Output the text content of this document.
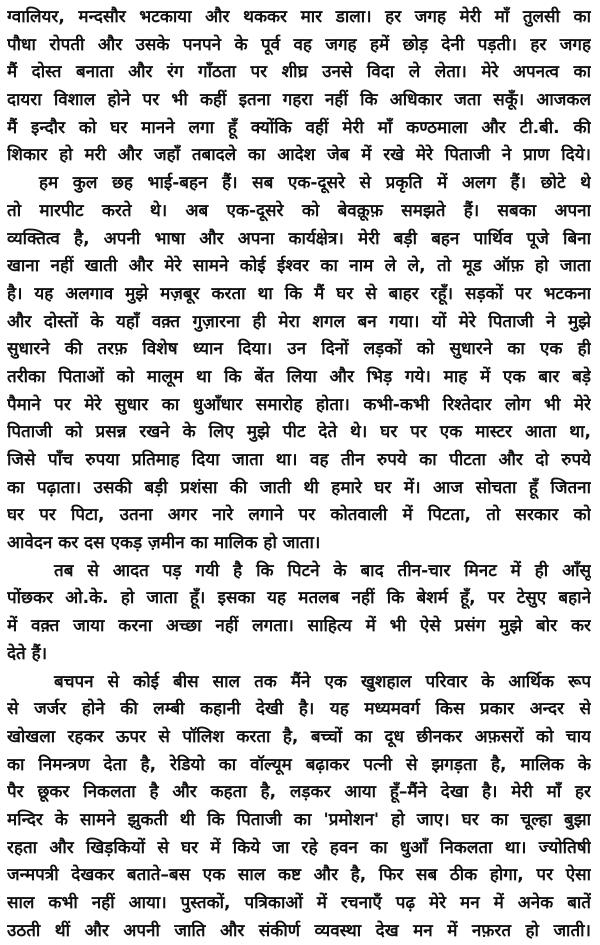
ग्वालियर, मन्दसौर भटकाया और थककर मार डाला। हर जगह मेरी माँ तुलसी का
पौधा रोपती और उसके पनपने के पूर्व वह जगह हमें छोड़ देनी पड़ती। हर जगह
मैं दोस्त बनाता और रंग गाँठता पर शीघ्र उनसे विदा ले लेता। मेरे अपनत्व का
दायरा विशाल होने पर भी कहीं इतना गहरा नहीं कि अधिकार जता सकूँ। आजकल
मैं इन्दौर को घर मानने लगा हूँ क्योंकि वहीं मेरी माँ कण्ठमाला और टी.बी. की
शिकार हो मरी और जहाँ तबादले का आदेश जेब में रखे मेरे पिताजी ने प्राण दिये।
हम कुल छह भाई-बहन हैं। सब एक-दूसरे से प्रकृति में अलग हैं। छोटे थे
तो मारपीट करते थे। अब एक-दूसरे को बेवक़ूफ़ समझते हैं। सबका अपना
व्यक्तित्व है, अपनी भाषा और अपना कार्यक्षेत्र। मेरी बड़ी बहन पार्थिव पूजे बिना
खाना नहीं खाती और मेरे सामने कोई ईश्वर का नाम ले ले, तो मूड ऑफ़ हो जाता
है। यह अलगाव मुझे मज़बूर करता था कि मैं घर से बाहर रहूँ। सड़कों पर भटकना
और दोस्तों के यहाँ वक़्त गुज़ारना ही मेरा शगल बन गया। यों मेरे पिताजी ने मुझे
सुधारने की तरफ़ विशेष ध्यान दिया। उन दिनों लड़कों को सुधारने का एक ही
तरीका पिताओं को मालूम था कि बेंत लिया और भिड़ गये। माह में एक बार बड़े
पैमाने पर मेरे सुधार का धुआँधार समारोह होता। कभी-कभी रिश्तेदार लोग भी मेरे
पिताजी को प्रसन्न रखने के लिए मुझे पीट देते थे। घर पर एक मास्टर आता था,
जिसे पाँच रुपया प्रतिमाह दिया जाता था। वह तीन रुपये का पीटता और दो रुपये
का पढ़ाता। उसकी बड़ी प्रशंसा की जाती थी हमारे घर में। आज सोचता हूँ जितना
घर पर पिटा, उतना अगर नारे लगाने पर कोतवाली में पिटता, तो सरकार को
आवेदन कर दस एकड़ ज़मीन का मालिक हो जाता।
तब से आदत पड़ गयी है कि पिटने के बाद तीन-चार मिनट में ही आँसू
पोंछकर ओ.के. हो जाता हूँ। इसका यह मतलब नहीं कि बेशर्म हूँ, पर टेसुए बहाने
में वक़्त जाया करना अच्छा नहीं लगता। साहित्य में भी ऐसे प्रसंग मुझे बोर कर
देते हैं।
बचपन से कोई बीस साल तक मैंने एक खुशहाल परिवार के आर्थिक रूप
से जर्जर होने की लम्बी कहानी देखी है। यह मध्यमवर्ग किस प्रकार अन्दर से
खोखला रहकर ऊपर से पॉलिश करता है, बच्चों का दूध छीनकर अफ़सरों को चाय
का निमन्त्रण देता है, रेडियो का वॉल्यूम बढ़ाकर पत्नी से झगड़ता है, मालिक के
पैर छूकर निकलता है और कहता है, लड़कर आया हूँ–मैंने देखा है। मेरी माँ हर
मन्दिर के सामने झुकती थी कि पिताजी का 'प्रमोशन' हो जाए। घर का चूल्हा बुझा
रहता और खिड़कियों से घर में किये जा रहे हवन का धुआँ निकलता था। ज्योतिषी
जन्मपत्री देखकर बताते–बस एक साल कष्ट और है, फिर सब ठीक होगा, पर ऐसा
साल कभी नहीं आया। पुस्तकों, पत्रिकाओं में रचनाएँ पढ़ मेरे मन में अनेक बातें
उठती थीं और अपनी जाति और संकीर्ण व्यवस्था देख मन में नफ़रत हो जाती।
